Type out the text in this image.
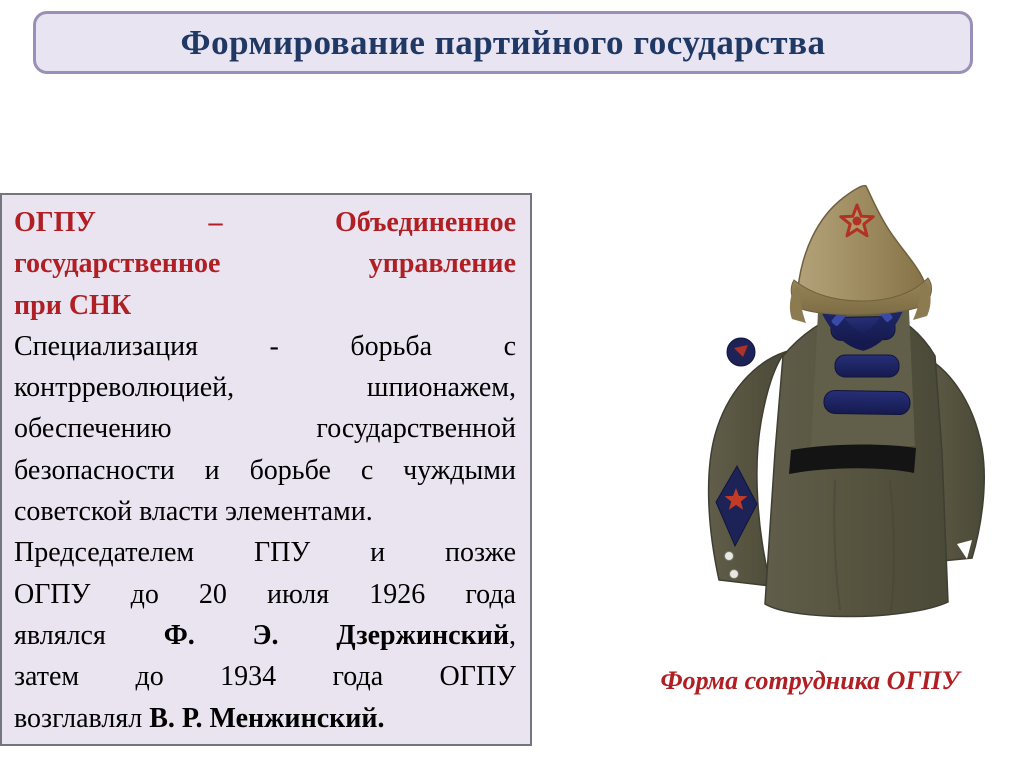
Формирование партийного государства
ОГПУ – Объединенное
государственное управление
при СНК
Специализация - борьба с
контрреволюцией, шпионажем,
обеспечению государственной
безопасности и борьбе с чуждыми
советской власти элементами.
Председателем ГПУ и позже
ОГПУ до 20 июля 1926 года
являлся Ф. Э. Дзержинский,
затем до 1934 года ОГПУ
возглавлял В. Р. Менжинский.
Форма сотрудника ОГПУ
